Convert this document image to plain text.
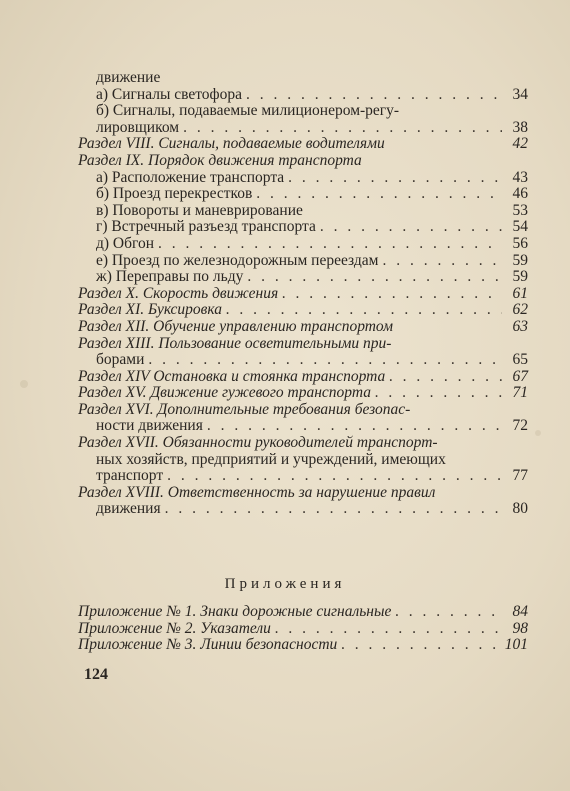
движение
а) Сигналы светофора . . .	34
б) Сигналы, подаваемые милиционером-регу-
лировщиком . . .	38
Раздел VIII. Сигналы, подаваемые водителями	42
Раздел IX. Порядок движения транспорта
а) Расположение транспорта . . .	43
б) Проезд перекрестков . . .	46
в) Повороты и маневрирование	53
г) Встречный разъезд транспорта . . .	54
д) Обгон . . .	56
е) Проезд по железнодорожным переездам . . .	59
ж) Переправы по льду . . .	59
Раздел X. Скорость движения . . .	61
Раздел XI. Буксировка . . .	62
Раздел XII. Обучение управлению транспортом	63
Раздел XIII. Пользование осветительными при-
борами . . .	65
Раздел XIV Остановка и стоянка транспорта . . .	67
Раздел XV. Движение гужевого транспорта . . .	71
Раздел XVI. Дополнительные требования безопас-
ности движения . . .	72
Раздел XVII. Обязанности руководителей транспорт-
ных хозяйств, предприятий и учреждений, имеющих
транспорт . . .	77
Раздел XVIII. Ответственность за нарушение правил
движения . . .	80
Приложения
Приложение № 1. Знаки дорожные сигнальные . . .	84
Приложение № 2. Указатели . . .	98
Приложение № 3. Линии безопасности . . .	101
124
